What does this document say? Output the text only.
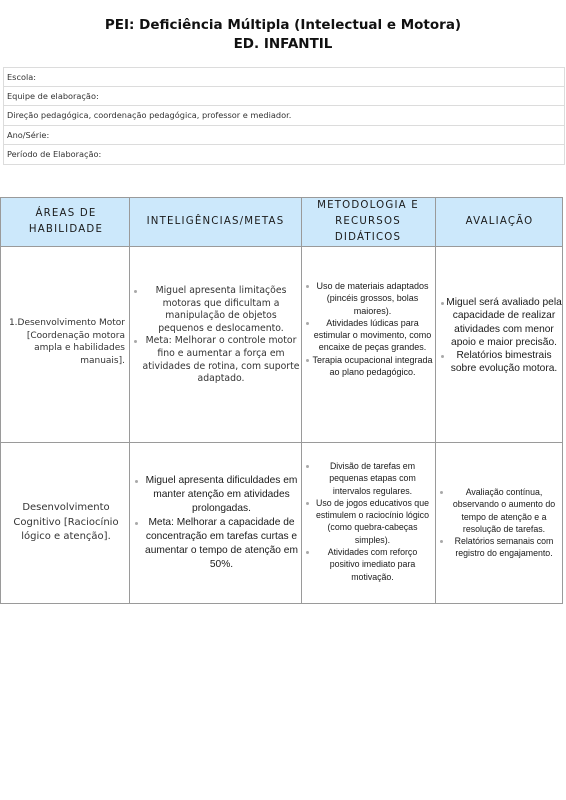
PEI: Deficiência Múltipla (Intelectual e Motora)
ED. INFANTIL
Escola:
Equipe de elaboração:
Direção pedagógica, coordenação pedagógica, professor e mediador.
Ano/Série:
Período de Elaboração:
ÁREAS DE HABILIDADE
INTELIGÊNCIAS/METAS
METODOLOGIA E RECURSOS DIDÁTICOS
AVALIAÇÃO
1.Desenvolvimento Motor [Coordenação motora ampla e habilidades manuais].
Miguel apresenta limitações motoras que dificultam a manipulação de objetos pequenos e deslocamento.
Meta: Melhorar o controle motor fino e aumentar a força em atividades de rotina, com suporte adaptado.
Uso de materiais adaptados (pincéis grossos, bolas maiores).
Atividades lúdicas para estimular o movimento, como encaixe de peças grandes.
Terapia ocupacional integrada ao plano pedagógico.
Miguel será avaliado pela capacidade de realizar atividades com menor apoio e maior precisão.
Relatórios bimestrais sobre evolução motora.
Desenvolvimento Cognitivo [Raciocínio lógico e atenção].
Miguel apresenta dificuldades em manter atenção em atividades prolongadas.
Meta: Melhorar a capacidade de concentração em tarefas curtas e aumentar o tempo de atenção em 50%.
Divisão de tarefas em pequenas etapas com intervalos regulares.
Uso de jogos educativos que estimulem o raciocínio lógico (como quebra-cabeças simples).
Atividades com reforço positivo imediato para motivação.
Avaliação contínua, observando o aumento do tempo de atenção e a resolução de tarefas.
Relatórios semanais com registro do engajamento.
